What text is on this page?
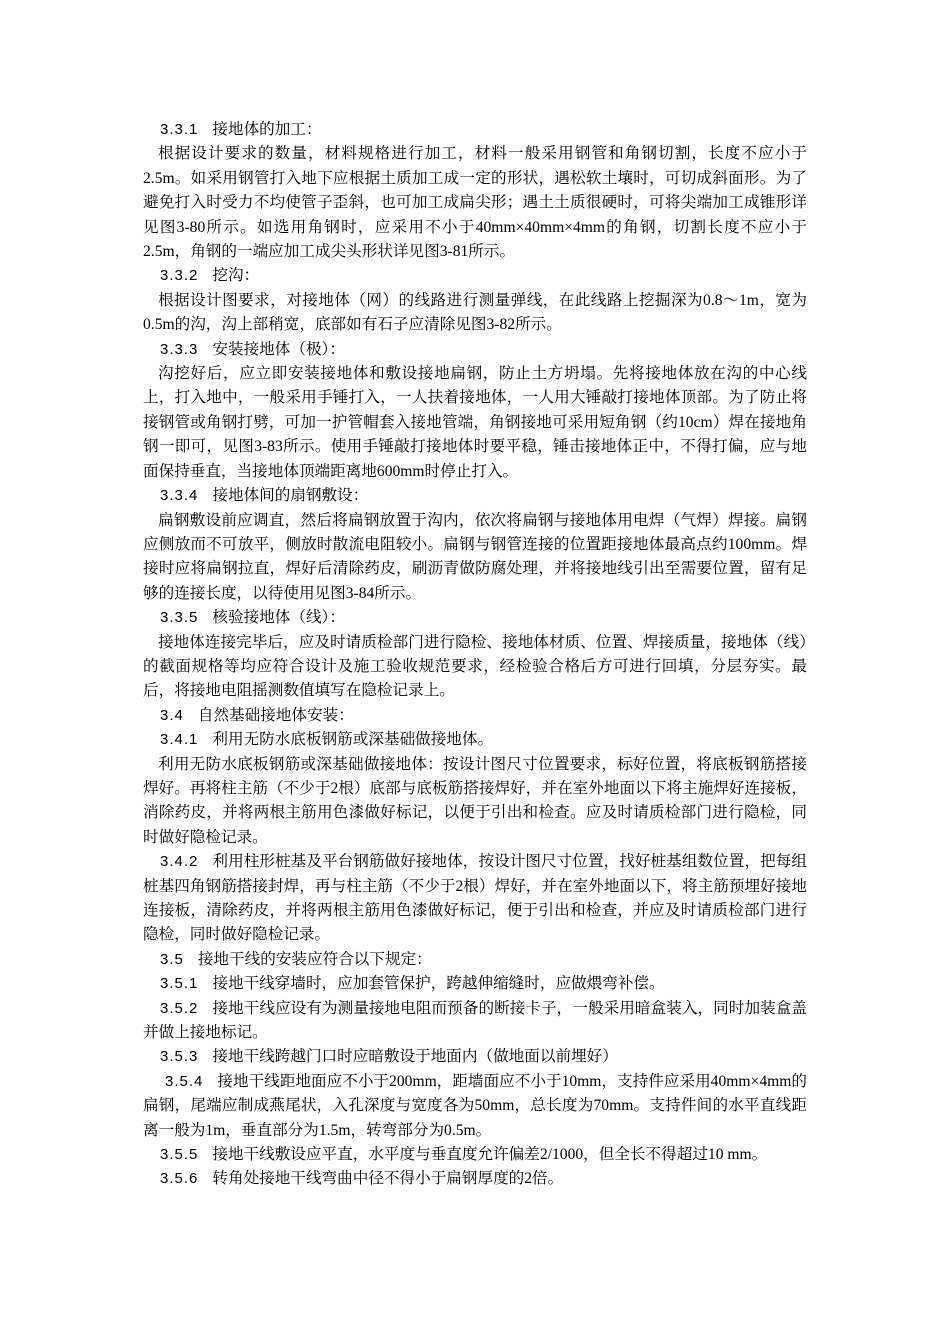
3.3.1 接地体的加工：

根据设计要求的数量，材料规格进行加工，材料一般采用钢管和角钢切割，长度不应小于2.5m。如采用钢管打入地下应根据土质加工成一定的形状，遇松软土壤时，可切成斜面形。为了避免打入时受力不均使管子歪斜，也可加工成扁尖形；遇土土质很硬时，可将尖端加工成锥形详见图3-80所示。如选用角钢时，应采用不小于40mm×40mm×4mm的角钢，切割长度不应小于2.5m，角钢的一端应加工成尖头形状详见图3-81所示。

3.3.2 挖沟：

根据设计图要求，对接地体（网）的线路进行测量弹线，在此线路上挖掘深为0.8～1m，宽为0.5m的沟，沟上部稍宽，底部如有石子应清除见图3-82所示。

3.3.3 安装接地体（极）：

沟挖好后，应立即安装接地体和敷设接地扁钢，防止土方坍塌。先将接地体放在沟的中心线上，打入地中，一般采用手锤打入，一人扶着接地体，一人用大锤敲打接地体顶部。为了防止将接钢管或角钢打劈，可加一护管帽套入接地管端，角钢接地可采用短角钢（约10cm）焊在接地角钢一即可，见图3-83所示。使用手锤敲打接地体时要平稳，锤击接地体正中，不得打偏，应与地面保持垂直，当接地体顶端距离地600mm时停止打入。

3.3.4 接地体间的扇钢敷设：

扁钢敷设前应调直，然后将扁钢放置于沟内，依次将扁钢与接地体用电焊（气焊）焊接。扁钢应侧放而不可放平，侧放时散流电阻较小。扁钢与钢管连接的位置距接地体最高点约100mm。焊接时应将扁钢拉直，焊好后清除药皮，刷沥青做防腐处理，并将接地线引出至需要位置，留有足够的连接长度，以待使用见图3-84所示。

3.3.5 核验接地体（线）：

接地体连接完毕后，应及时请质检部门进行隐检、接地体材质、位置、焊接质量，接地体（线）的截面规格等均应符合设计及施工验收规范要求，经检验合格后方可进行回填，分层夯实。最后，将接地电阻摇测数值填写在隐检记录上。

3.4 自然基础接地体安装：

3.4.1 利用无防水底板钢筋或深基础做接地体。

利用无防水底板钢筋或深基础做接地体：按设计图尺寸位置要求，标好位置，将底板钢筋搭接焊好。再将柱主筋（不少于2根）底部与底板筋搭接焊好，并在室外地面以下将主施焊好连接板，消除药皮，并将两根主筋用色漆做好标记，以便于引出和检查。应及时请质检部门进行隐检，同时做好隐检记录。

3.4.2 利用柱形桩基及平台钢筋做好接地体，按设计图尺寸位置，找好桩基组数位置，把每组桩基四角钢筋搭接封焊，再与柱主筋（不少于2根）焊好，并在室外地面以下，将主筋预埋好接地连接板，清除药皮，并将两根主筋用色漆做好标记，便于引出和检查，并应及时请质检部门进行隐检，同时做好隐检记录。

3.5 接地干线的安装应符合以下规定：

3.5.1 接地干线穿墙时，应加套管保护，跨越伸缩缝时，应做煨弯补偿。

3.5.2 接地干线应设有为测量接地电阻而预备的断接卡子，一般采用暗盒装入，同时加装盒盖并做上接地标记。

3.5.3 接地干线跨越门口时应暗敷设于地面内（做地面以前埋好）

3.5.4 接地干线距地面应不小于200mm，距墙面应不小于10mm，支持件应采用40mm×4mm的扁钢，尾端应制成燕尾状，入孔深度与宽度各为50mm，总长度为70mm。支持件间的水平直线距离一般为1m，垂直部分为1.5m，转弯部分为0.5m。

3.5.5 接地干线敷设应平直，水平度与垂直度允许偏差2/1000，但全长不得超过10 mm。

3.5.6 转角处接地干线弯曲中径不得小于扁钢厚度的2倍。
